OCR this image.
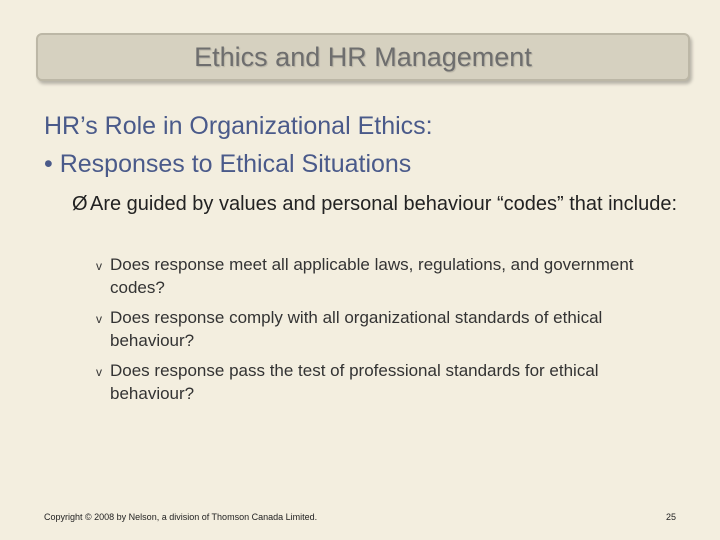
Ethics and HR Management
HR’s Role in Organizational Ethics:
• Responses to Ethical Situations
Ø Are guided by values and personal behaviour “codes” that include:
v Does response meet all applicable laws, regulations, and government codes?
v Does response comply with all organizational standards of ethical behaviour?
v Does response pass the test of professional standards for ethical behaviour?
Copyright © 2008 by Nelson, a division of Thomson Canada Limited.	25
